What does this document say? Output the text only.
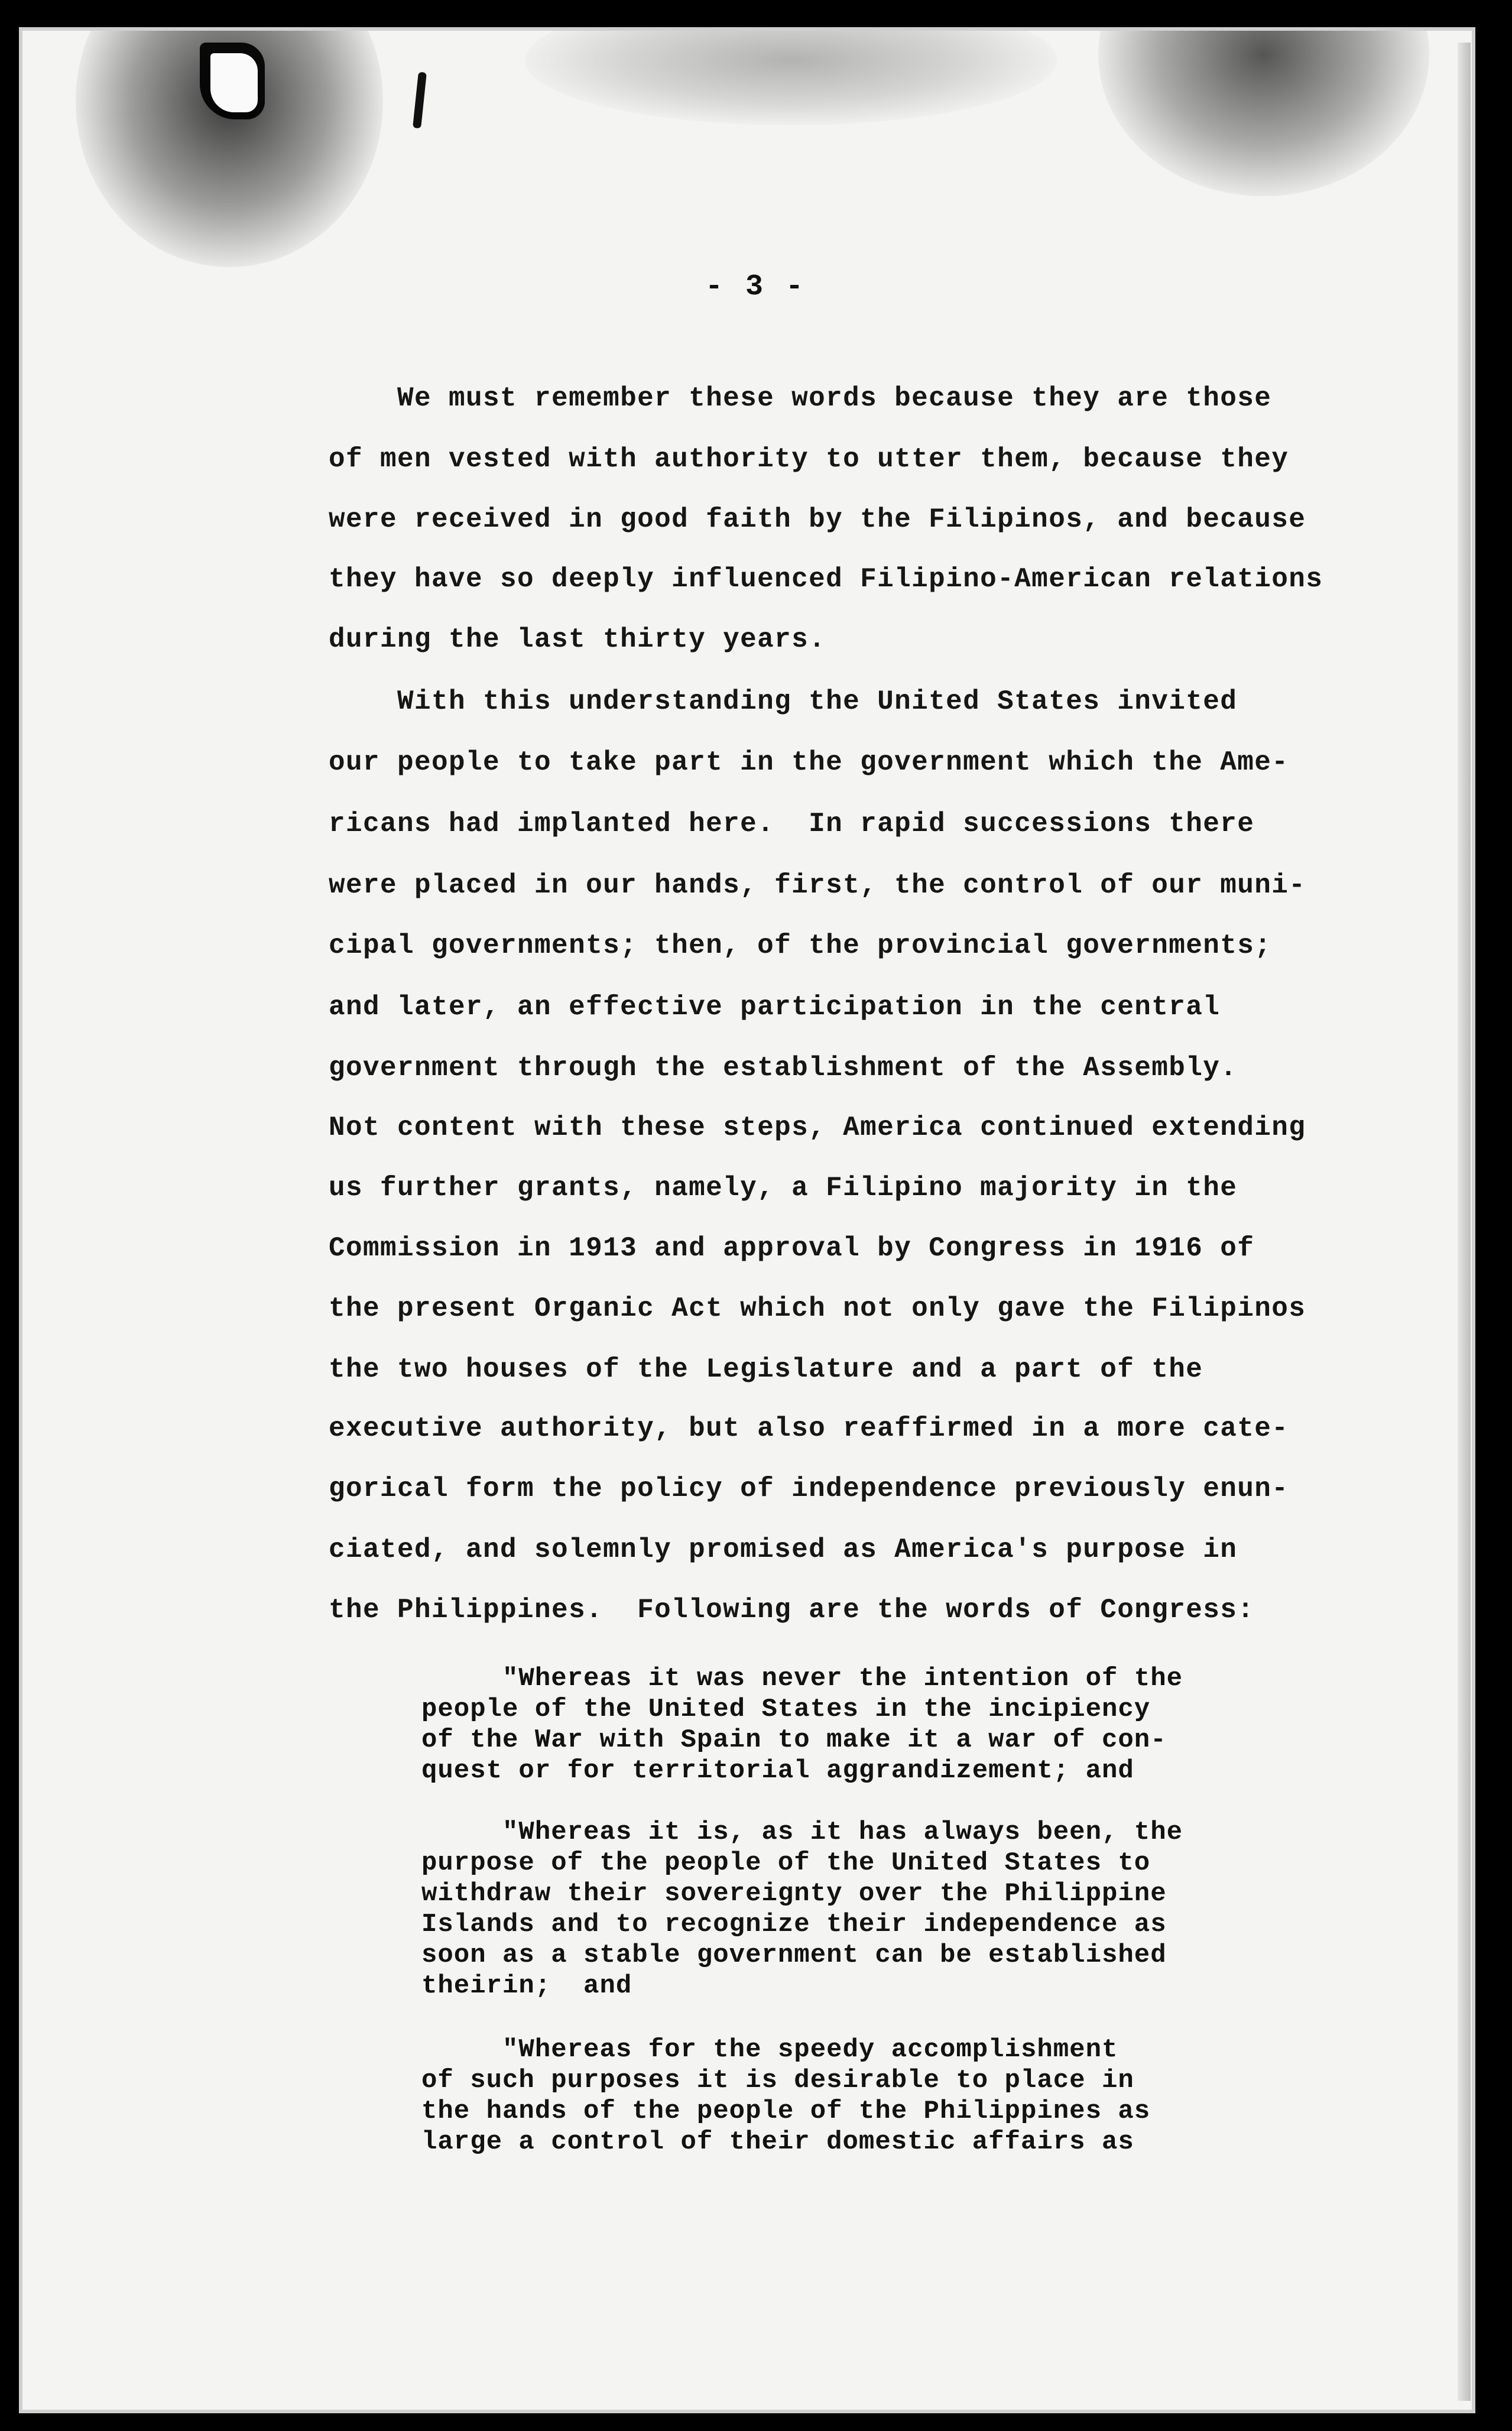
- 3 -
We must remember these words because they are those
of men vested with authority to utter them, because they
were received in good faith by the Filipinos, and because
they have so deeply influenced Filipino-American relations
during the last thirty years.
With this understanding the United States invited
our people to take part in the government which the Ame-
ricans had implanted here.  In rapid successions there
were placed in our hands, first, the control of our muni-
cipal governments; then, of the provincial governments;
and later, an effective participation in the central
government through the establishment of the Assembly.
Not content with these steps, America continued extending
us further grants, namely, a Filipino majority in the
Commission in 1913 and approval by Congress in 1916 of
the present Organic Act which not only gave the Filipinos
the two houses of the Legislature and a part of the
executive authority, but also reaffirmed in a more cate-
gorical form the policy of independence previously enun-
ciated, and solemnly promised as America's purpose in
the Philippines.  Following are the words of Congress:
"Whereas it was never the intention of the
people of the United States in the incipiency
of the War with Spain to make it a war of con-
quest or for territorial aggrandizement; and
"Whereas it is, as it has always been, the
purpose of the people of the United States to
withdraw their sovereignty over the Philippine
Islands and to recognize their independence as
soon as a stable government can be established
theirin;  and
"Whereas for the speedy accomplishment
of such purposes it is desirable to place in
the hands of the people of the Philippines as
large a control of their domestic affairs as
